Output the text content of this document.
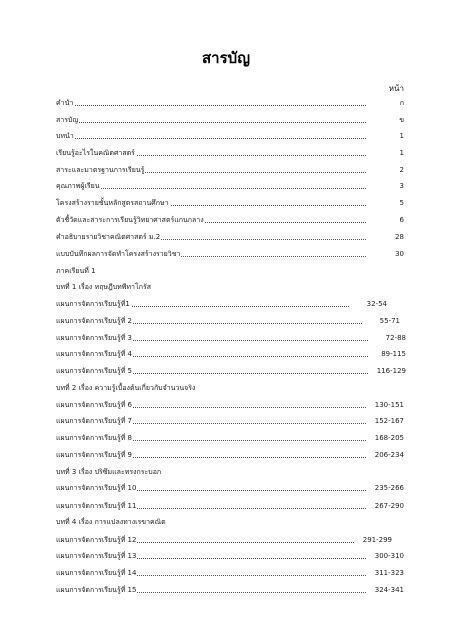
สารบัญ
หน้า
คำนำ	ก
สารบัญ	ข
บทนำ	1
เรียนรู้อะไรในคณิตศาสตร์	1
สาระและมาตรฐานการเรียนรู้	2
คุณภาพผู้เรียน	3
โครงสร้างรายชั้นหลักสูตรสถานศึกษา	5
ตัวชี้วัดและสาระการเรียนรู้วิทยาศาสตร์แกนกลาง	6
คำอธิบายรายวิชาคณิตศาสตร์ ม.2	28
แบบบันทึกผลการจัดทำโครงสร้างรายวิชา	30
ภาคเรียนที่ 1
บทที่ 1 เรื่อง ทฤษฎีบทพีทาโกรัส
แผนการจัดการเรียนรู้ที่1	32-54
แผนการจัดการเรียนรู้ที่ 2	55-71
แผนการจัดการเรียนรู้ที่ 3	72-88
แผนการจัดการเรียนรู้ที่ 4	89-115
แผนการจัดการเรียนรู้ที่ 5	116-129
บทที่ 2 เรื่อง ความรู้เบื้องต้นเกี่ยวกับจำนวนจริง
แผนการจัดการเรียนรู้ที่ 6	130-151
แผนการจัดการเรียนรู้ที่ 7	152-167
แผนการจัดการเรียนรู้ที่ 8	168-205
แผนการจัดการเรียนรู้ที่ 9	206-234
บทที่ 3 เรื่อง ปริซึมและทรงกระบอก
แผนการจัดการเรียนรู้ที่ 10	235-266
แผนการจัดการเรียนรู้ที่ 11	267-290
บทที่ 4 เรื่อง การแปลงทางเรขาคณิต
แผนการจัดการเรียนรู้ที่ 12	291-299
แผนการจัดการเรียนรู้ที่ 13	300-310
แผนการจัดการเรียนรู้ที่ 14	311-323
แผนการจัดการเรียนรู้ที่ 15	324-341
